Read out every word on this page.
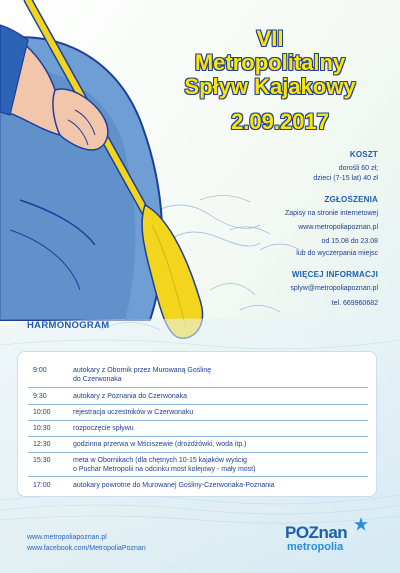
VII
Metropolitalny
Spływ Kajakowy
2.09.2017
KOSZT
dorośli 60 zł;
dzieci (7-15 lat) 40 zł
ZGŁOSZENIA
Zapisy na stronie internetowej
www.metropoliapoznan.pl
od 15.08 do 23.08
lub do wyczerpania miejsc
WIĘCEJ INFORMACJI
splyw@metropoliapoznan.pl
tel. 669960682
HARMONOGRAM
9:00	autokary z Obornik przez Murowaną Goślinę
do Czerwonaka
9:30	autokary z Poznania do Czerwonaka
10:00	rejestracja uczestników w Czerwonaku
10:30	rozpoczęcie spływu
12:30	godzinna przerwa w Mściszewie (drożdżówki, woda itp.)
15:30	meta w Obornikach (dla chętnych 10-15 kajaków wyścig
o Puchar Metropolii na odcinku most kolejowy - mały most)
17:00	autokary powrotne do Murowanej Gośliny-Czerwonaka-Poznania
www.metropoliapoznan.pl
www.facebook.com/MetropoliaPoznan
POZnan
metropolia
